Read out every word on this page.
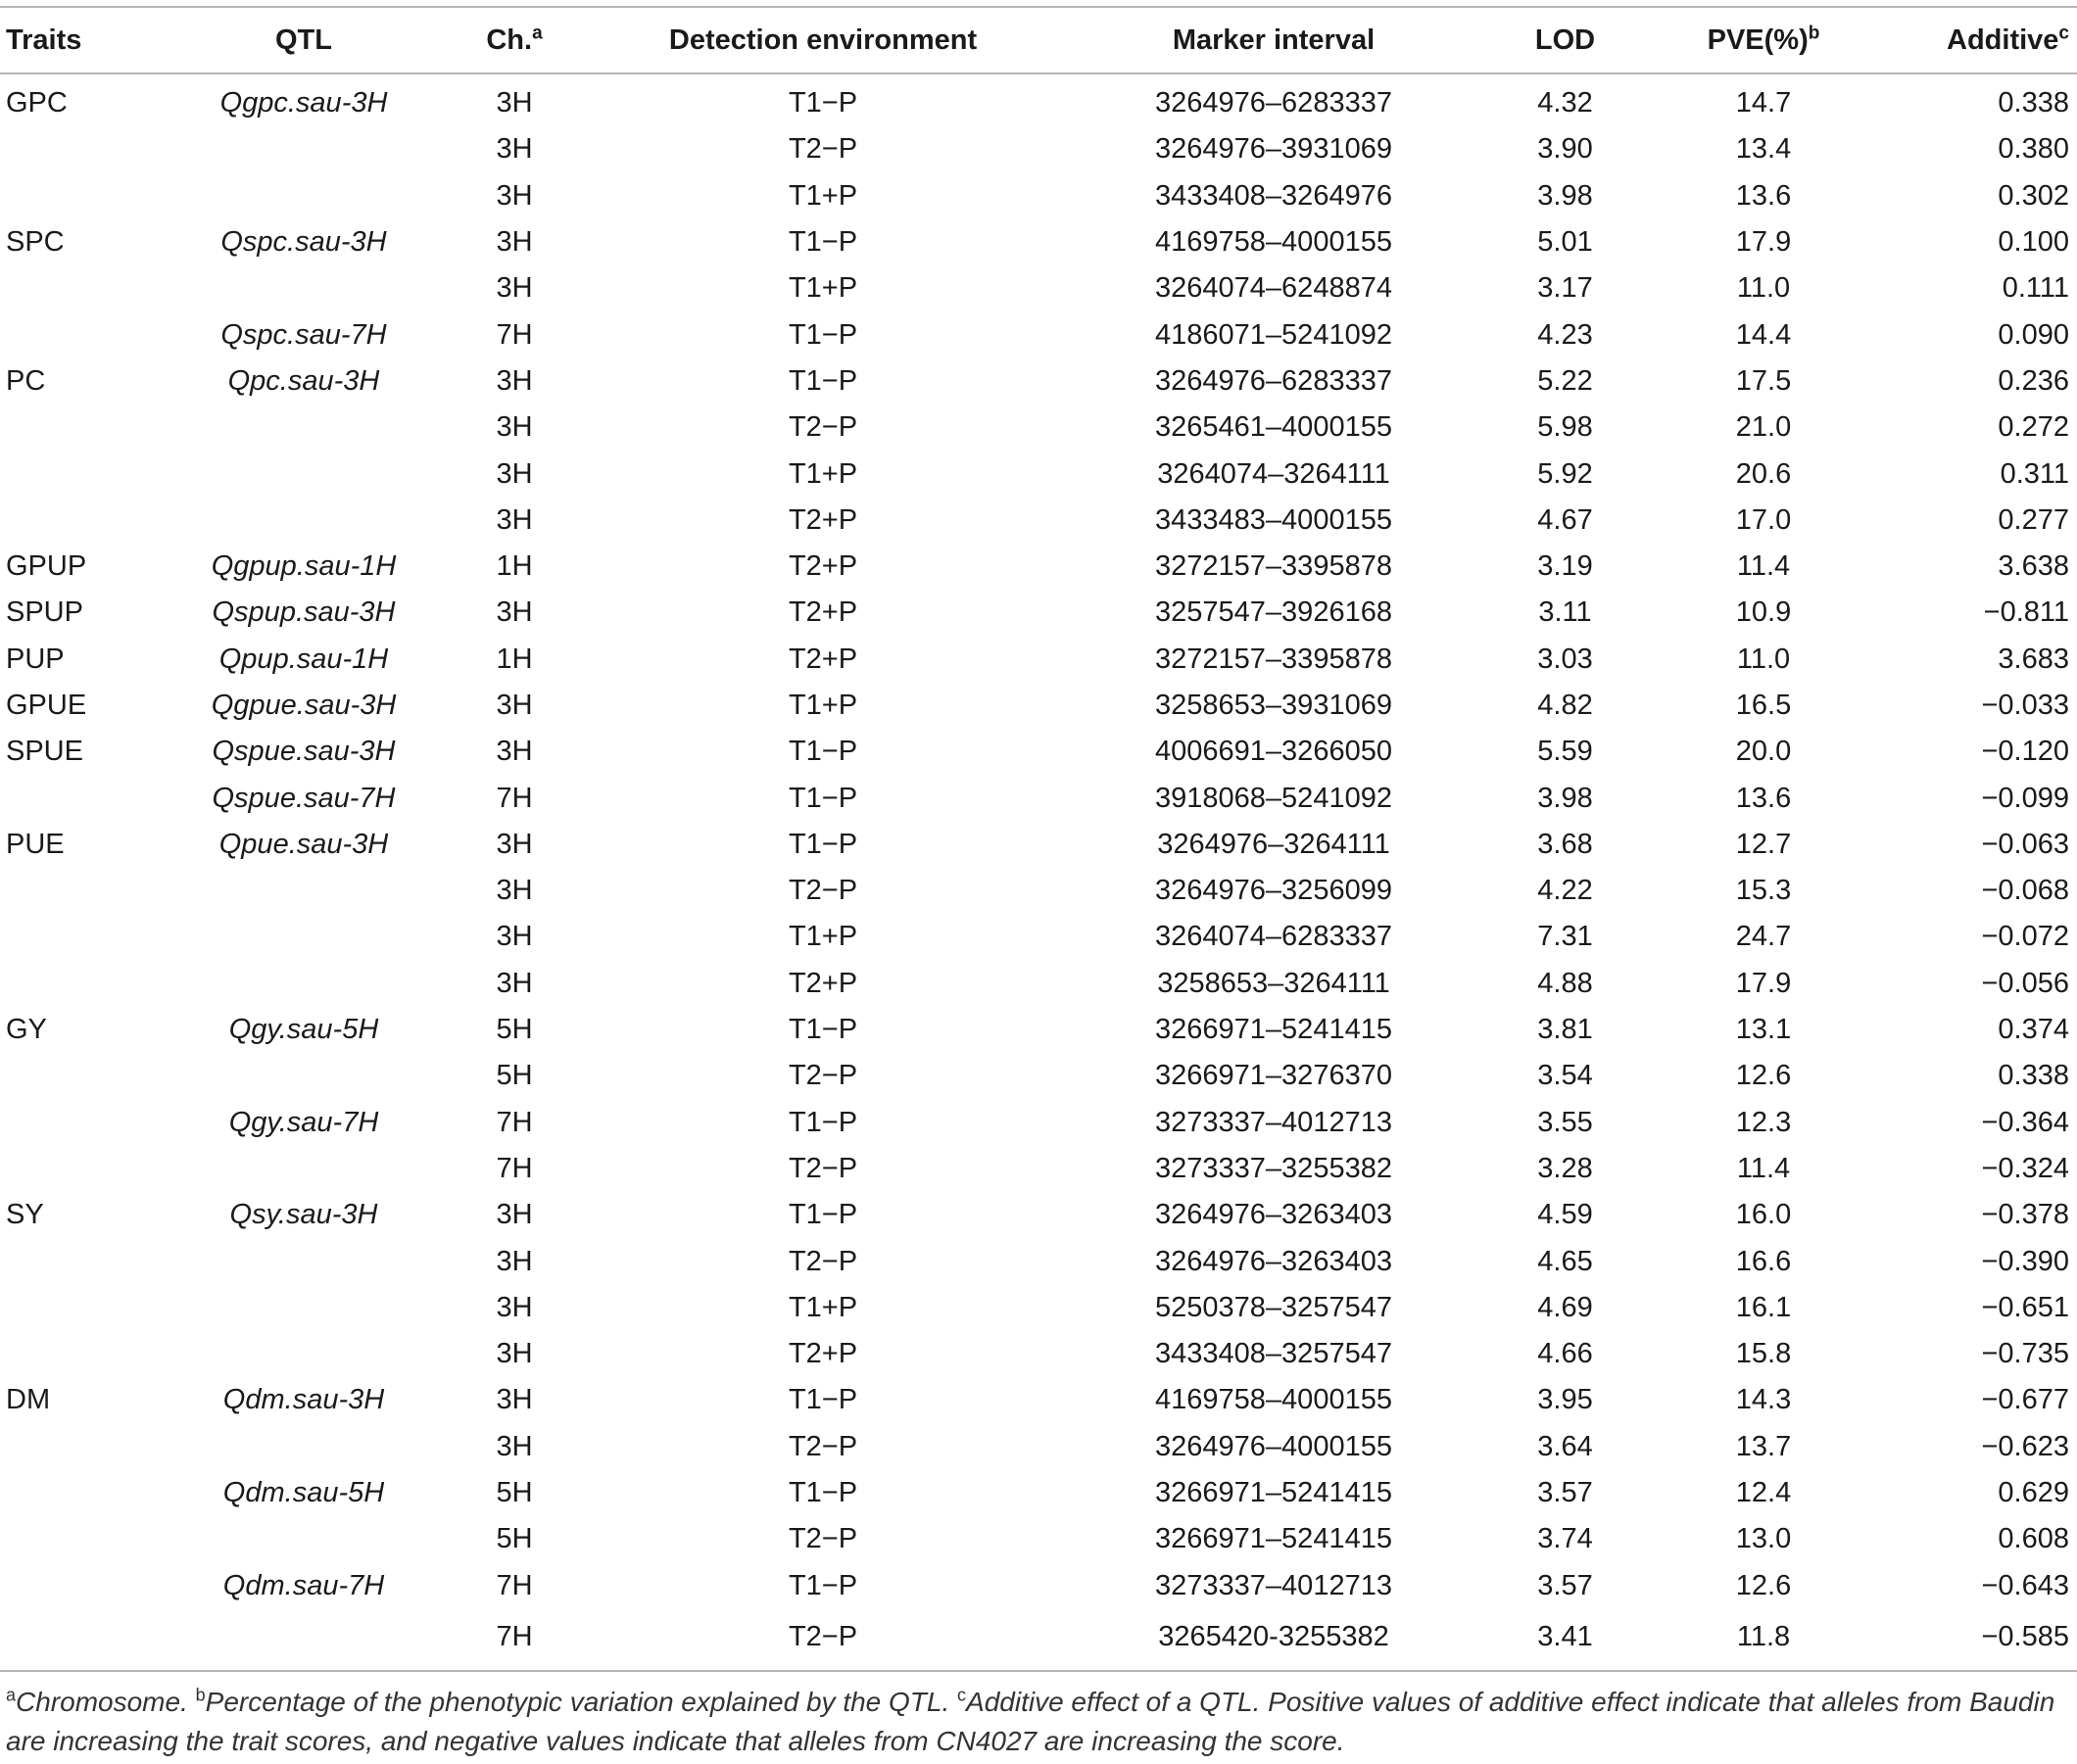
Traits	QTL	Ch.$^a$	Detection environment	Marker interval	LOD	PVE(%)$^b$	Additive$^c$
GPC	Qgpc.sau-3H	3H	T1−P	3264976–6283337	4.32	14.7	0.338
		3H	T2−P	3264976–3931069	3.90	13.4	0.380
		3H	T1+P	3433408–3264976	3.98	13.6	0.302
SPC	Qspc.sau-3H	3H	T1−P	4169758–4000155	5.01	17.9	0.100
		3H	T1+P	3264074–6248874	3.17	11.0	0.111
	Qspc.sau-7H	7H	T1−P	4186071–5241092	4.23	14.4	0.090
PC	Qpc.sau-3H	3H	T1−P	3264976–6283337	5.22	17.5	0.236
		3H	T2−P	3265461–4000155	5.98	21.0	0.272
		3H	T1+P	3264074–3264111	5.92	20.6	0.311
		3H	T2+P	3433483–4000155	4.67	17.0	0.277
GPUP	Qgpup.sau-1H	1H	T2+P	3272157–3395878	3.19	11.4	3.638
SPUP	Qspup.sau-3H	3H	T2+P	3257547–3926168	3.11	10.9	−0.811
PUP	Qpup.sau-1H	1H	T2+P	3272157–3395878	3.03	11.0	3.683
GPUE	Qgpue.sau-3H	3H	T1+P	3258653–3931069	4.82	16.5	−0.033
SPUE	Qspue.sau-3H	3H	T1−P	4006691–3266050	5.59	20.0	−0.120
	Qspue.sau-7H	7H	T1−P	3918068–5241092	3.98	13.6	−0.099
PUE	Qpue.sau-3H	3H	T1−P	3264976–3264111	3.68	12.7	−0.063
		3H	T2−P	3264976–3256099	4.22	15.3	−0.068
		3H	T1+P	3264074–6283337	7.31	24.7	−0.072
		3H	T2+P	3258653–3264111	4.88	17.9	−0.056
GY	Qgy.sau-5H	5H	T1−P	3266971–5241415	3.81	13.1	0.374
		5H	T2−P	3266971–3276370	3.54	12.6	0.338
	Qgy.sau-7H	7H	T1−P	3273337–4012713	3.55	12.3	−0.364
		7H	T2−P	3273337–3255382	3.28	11.4	−0.324
SY	Qsy.sau-3H	3H	T1−P	3264976–3263403	4.59	16.0	−0.378
		3H	T2−P	3264976–3263403	4.65	16.6	−0.390
		3H	T1+P	5250378–3257547	4.69	16.1	−0.651
		3H	T2+P	3433408–3257547	4.66	15.8	−0.735
DM	Qdm.sau-3H	3H	T1−P	4169758–4000155	3.95	14.3	−0.677
		3H	T2−P	3264976–4000155	3.64	13.7	−0.623
	Qdm.sau-5H	5H	T1−P	3266971–5241415	3.57	12.4	0.629
		5H	T2−P	3266971–5241415	3.74	13.0	0.608
	Qdm.sau-7H	7H	T1−P	3273337–4012713	3.57	12.6	−0.643
		7H	T2−P	3265420-3255382	3.41	11.8	−0.585
$^a$Chromosome. $^b$Percentage of the phenotypic variation explained by the QTL. $^c$Additive effect of a QTL. Positive values of additive effect indicate that alleles from Baudin are increasing the trait scores, and negative values indicate that alleles from CN4027 are increasing the score.
